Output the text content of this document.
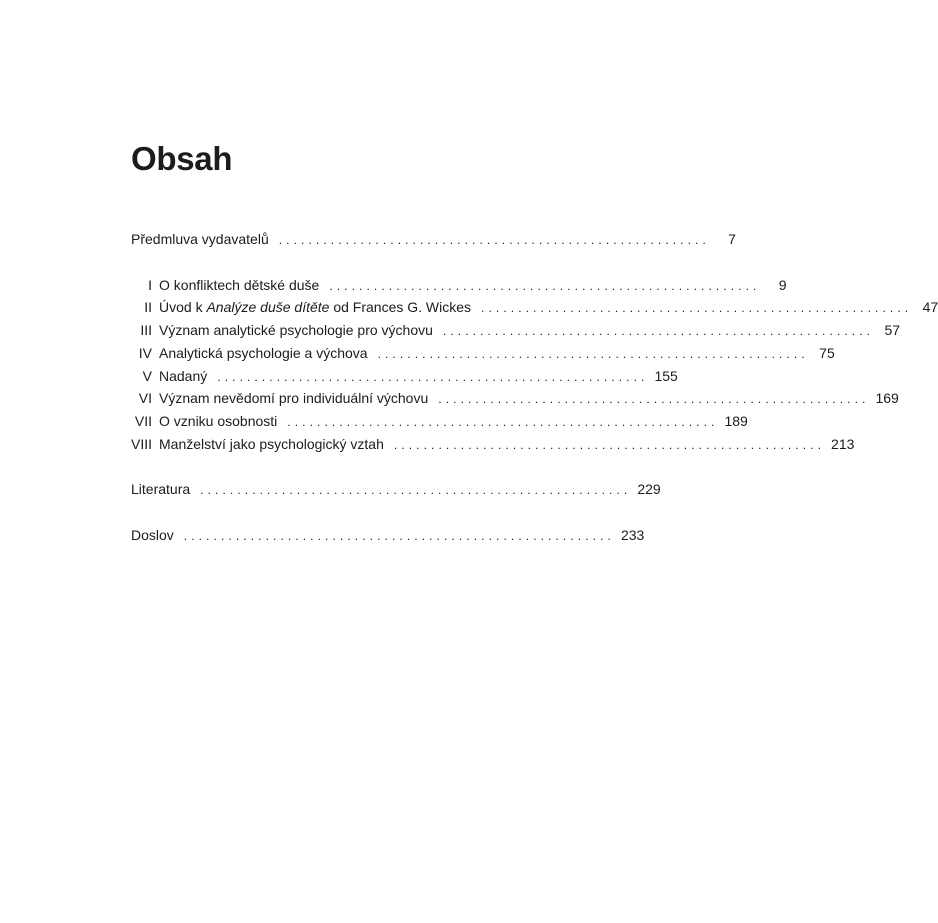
Obsah
Předmluva vydavatelů ..........................................................	7
I O konfliktech dětské duše ..........................................................	9
II Úvod k Analýze duše dítěte od Frances G. Wickes .......................................................... 47
III Význam analytické psychologie pro výchovu .......................................................... 57
IV Analytická psychologie a výchova .......................................................... 75
V Nadaný .......................................................... 155
VI Význam nevědomí pro individuální výchovu .......................................................... 169
VII O vzniku osobnosti .......................................................... 189
VIII Manželství jako psychologický vztah .......................................................... 213
Literatura .......................................................... 229
Doslov .......................................................... 233
